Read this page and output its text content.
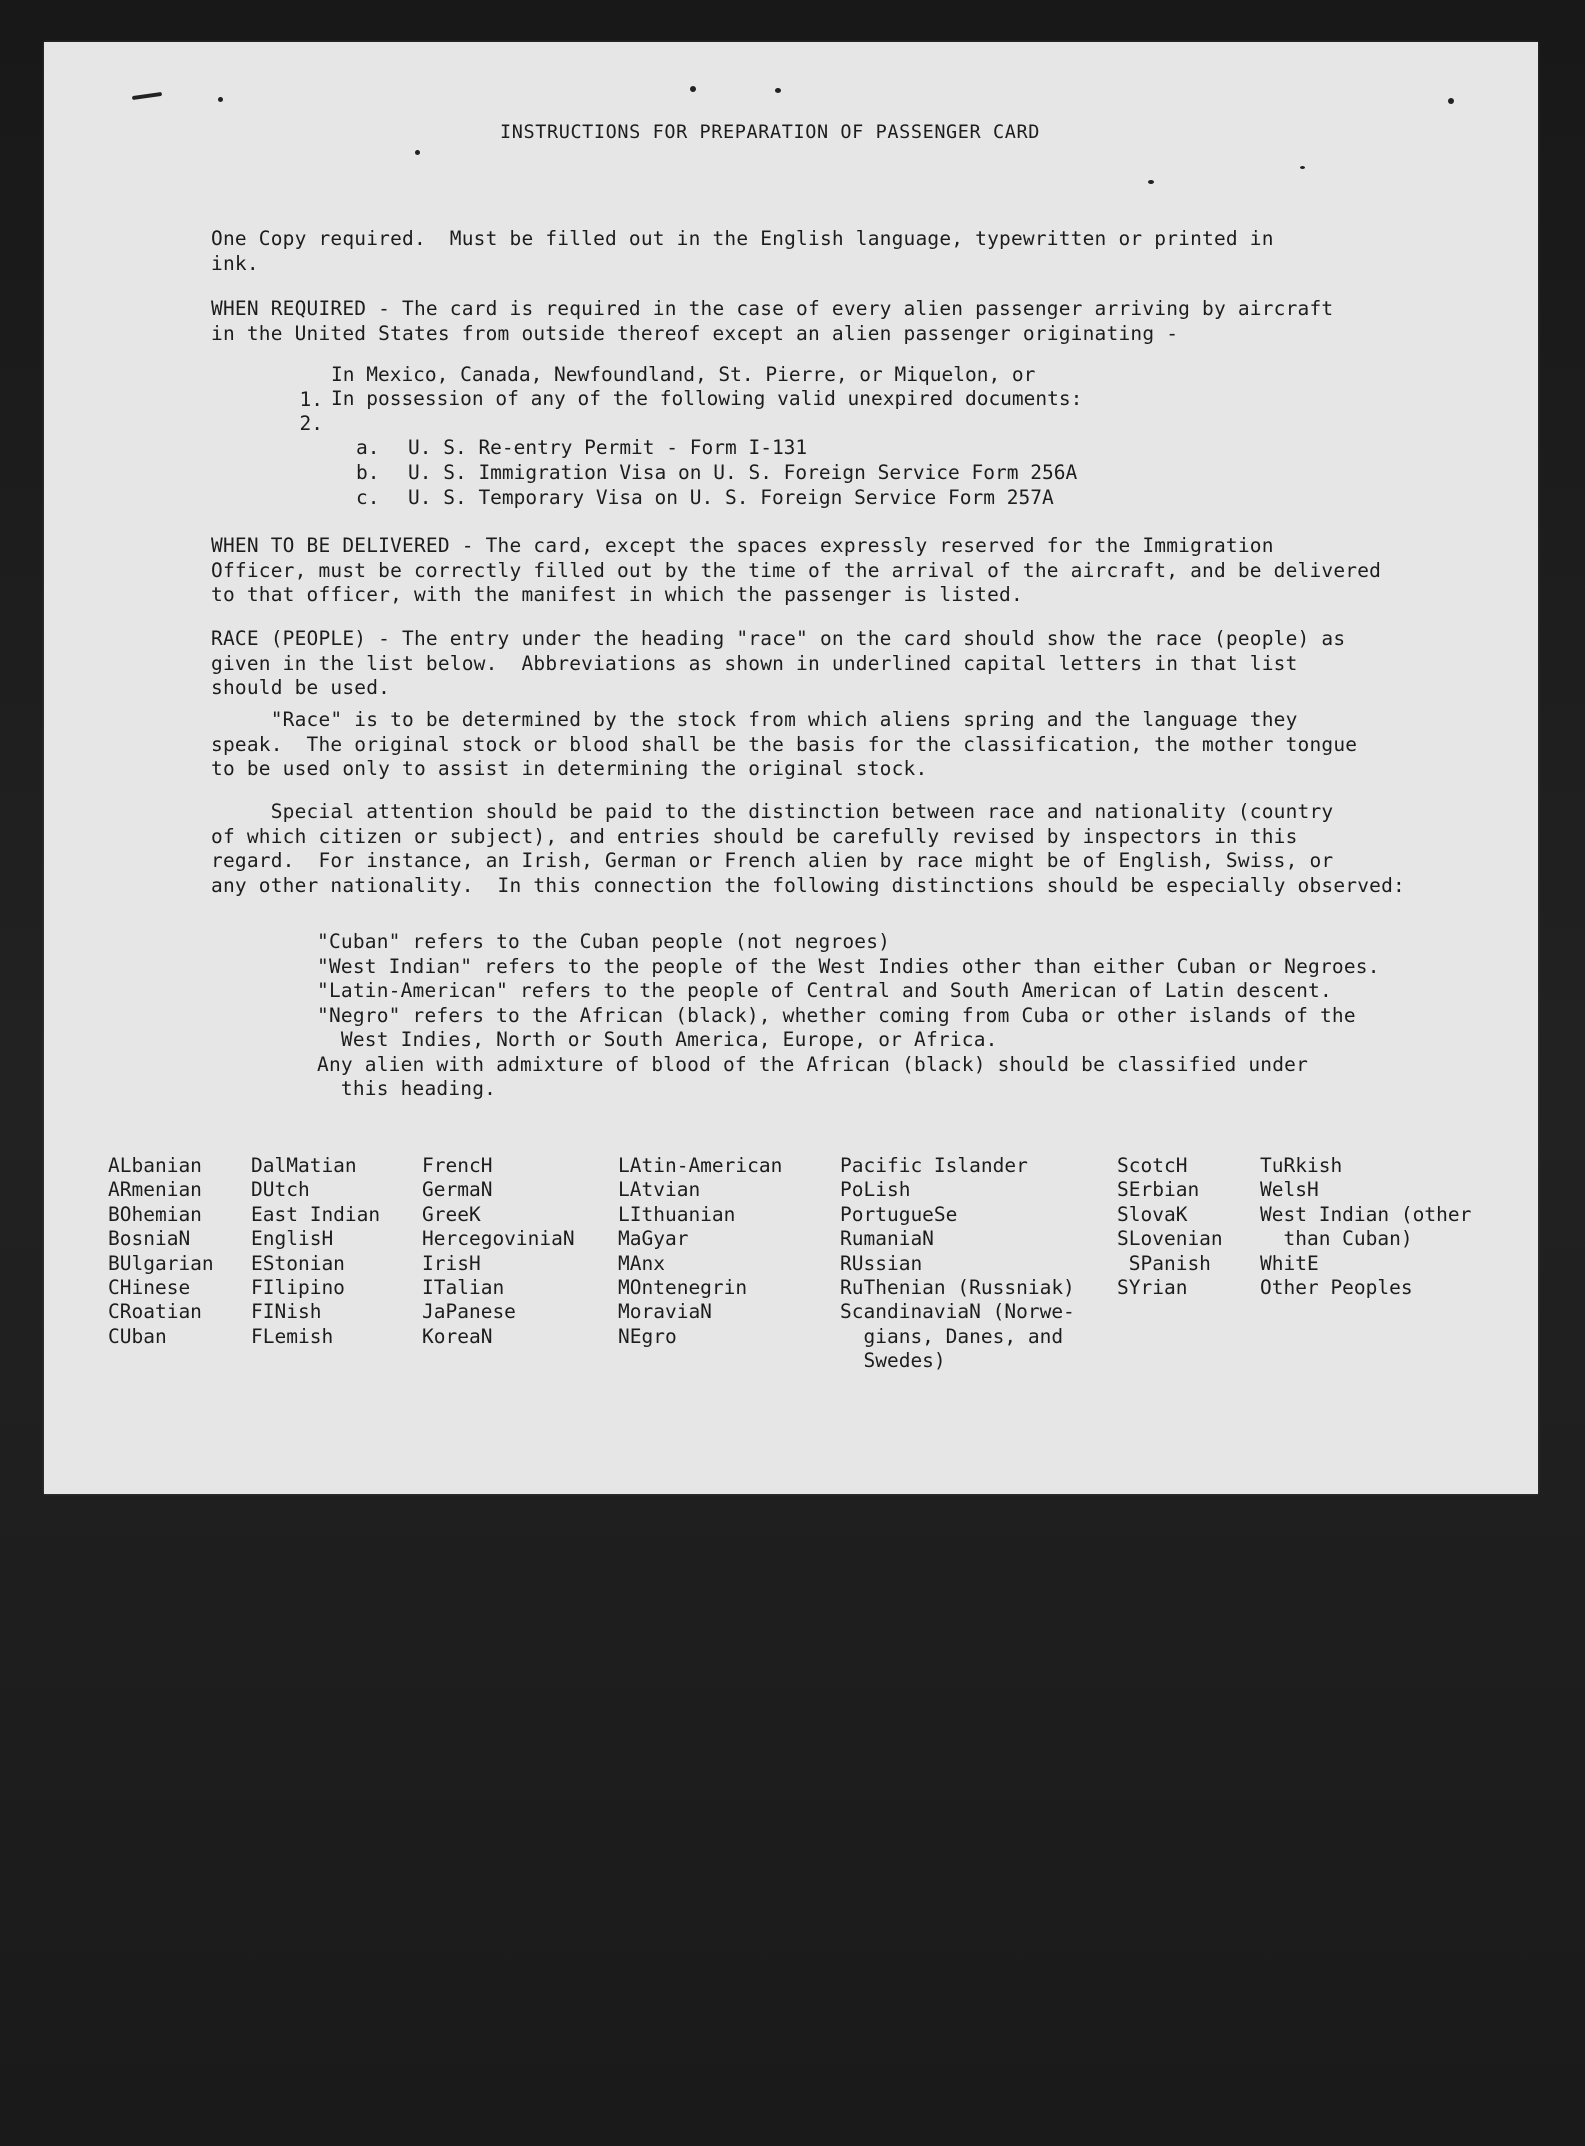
INSTRUCTIONS FOR PREPARATION OF PASSENGER CARD
One Copy required.  Must be filled out in the English language, typewritten or printed in
ink.
WHEN REQUIRED - The card is required in the case of every alien passenger arriving by aircraft
in the United States from outside thereof except an alien passenger originating -

1.

In Mexico, Canada, Newfoundland, St. Pierre, or Miquelon, or

2.

In possession of any of the following valid unexpired documents:
a. U. S. Re-entry Permit - Form I-131
b. U. S. Immigration Visa on U. S. Foreign Service Form 256A
c. U. S. Temporary Visa on U. S. Foreign Service Form 257A
WHEN TO BE DELIVERED - The card, except the spaces expressly reserved for the Immigration
Officer, must be correctly filled out by the time of the arrival of the aircraft, and be delivered
to that officer, with the manifest in which the passenger is listed.
RACE (PEOPLE) - The entry under the heading "race" on the card should show the race (people) as
given in the list below.  Abbreviations as shown in underlined capital letters in that list
should be used.
"Race" is to be determined by the stock from which aliens spring and the language they
speak.  The original stock or blood shall be the basis for the classification, the mother tongue
to be used only to assist in determining the original stock.
Special attention should be paid to the distinction between race and nationality (country
of which citizen or subject), and entries should be carefully revised by inspectors in this
regard.  For instance, an Irish, German or French alien by race might be of English, Swiss, or
any other nationality.  In this connection the following distinctions should be especially observed:
"Cuban" refers to the Cuban people (not negroes)
"West Indian" refers to the people of the West Indies other than either Cuban or Negroes.
"Latin-American" refers to the people of Central and South American of Latin descent.
"Negro" refers to the African (black), whether coming from Cuba or other islands of the
West Indies, North or South America, Europe, or Africa.
Any alien with admixture of blood of the African (black) should be classified under
this heading.
ALbanian
ARmenian
BOhemian
BosniaN
BUlgarian
CHinese
CRoatian
CUban
DalMatian
DUtch
East Indian
EnglisH
EStonian
FIlipino
FINish
FLemish
FrencH
GermaN
GreeK
HercegoviniaN
IrisH
ITalian
JaPanese
KoreaN
LAtin-American
LAtvian
LIthuanian
MaGyar
MAnx
MOntenegrin
MoraviaN
NEgro
Pacific Islander
PoLish
PortugueSe
RumaniaN
RUssian
RuThenian (Russniak)
ScandinaviaN (Norwe-
gians, Danes, and
Swedes)
ScotcH
SErbian
SlovaK
SLovenian
SPanish
SYrian
TuRkish
WelsH
West Indian (other
than Cuban)
WhitE
Other Peoples
